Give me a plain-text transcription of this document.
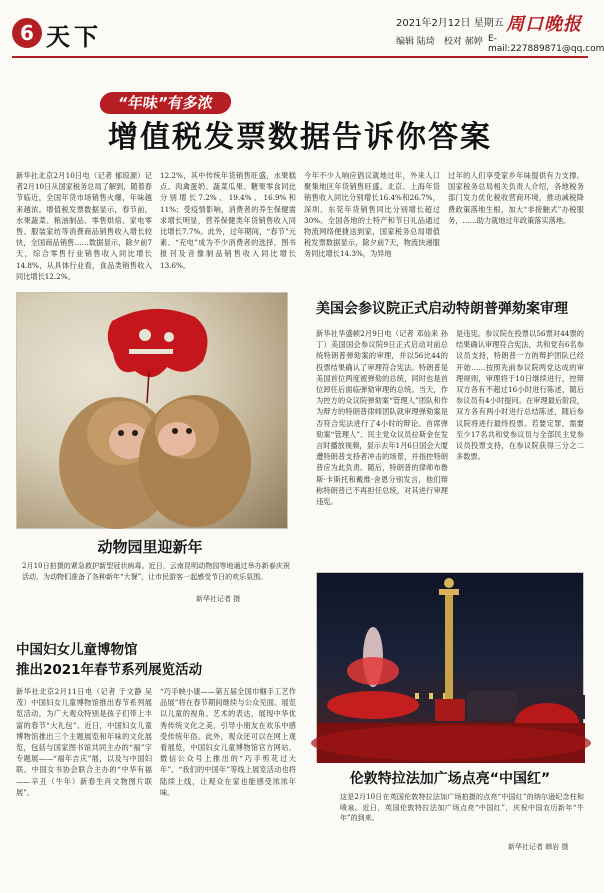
6 天下	2021年2月12日 星期五
编辑 陆琦　校对 郝婷
周口晚报
E-mail:227889871@qq.com
“年味”有多浓
增值税发票数据告诉你答案
新华社北京2月10日电（记者 郁琼源）记者2月10日从国家税务总局了解到，随着春节临近，全国年货市场销售火爆，年味越来越浓。增值税发票数据显示，春节前，水果蔬菜、粮油制品、零售烘焙、家电零售、服装家纺等消费商品销售收入增长较快，全国商品销售……数据显示，除夕前7天，综合零售行业销售收入同比增长14.8%，从具体行业看，食品类销售收入同比增长12.2%。
12.2%，其中传统年货销售旺盛，水果糕点、肉禽蛋奶、蔬菜瓜果、糖果零食同比分别增长7.2%、19.4%、16.9%和11%；受疫情影响，消费者的养生保健需求增长明显，营养保健类年货销售收入同比增长7.7%。此外，过年期间，“春节”元素、“充电”成为不少消费者的选择，图书报刊及音像制品销售收入同比增长13.6%。
今年不少人响应倡议就地过年，外来人口聚集地区年货销售旺盛。北京、上海年货销售收入同比分别增长16.4%和26.7%，深圳、东莞年货销售同比分别增长超过30%。全国各地的土特产和节日礼品通过物流网络便捷送到家，国家税务总局增值税发票数据显示，除夕前7天，物流快递服务同比增长14.3%，为异地
过年的人们享受家乡年味提供有力支撑。国家税务总局相关负责人介绍，各地税务部门发力优化税收营商环境，推动减税降费政策落地生根，加大“非接触式”办税服务，……助力就地过年政策落实落地。
动物园里迎新年
2月10日拍摄的紧急救护新型冠状病毒。近日，云南昆明动物园等地通过举办新春庆祝活动，为动物们准备了各种新年“大餐”，让市民游客一起感受节日的欢乐氛围。
新华社记者 摄
美国会参议院正式启动特朗普弹劾案审理
新华社华盛顿2月9日电（记者 邓仙来 孙丁）美国国会参议院9日正式启动对前总统特朗普弹劾案的审理，并以56比44的投票结果确认了审理符合宪法。特朗普是美国首位两度被弹劾的总统，同时也是首位卸任后面临弹劾审理的总统。当天，作为控方的众议院弹劾案“管理人”团队和作为辩方的特朗普律师团队就审理弹劾案是否符合宪法进行了4小时的辩论。首席弹劾案“管理人”、民主党众议员拉斯金在发言时播放视频，显示去年1月6日国会大厦遭特朗普支持者冲击的场景，并指控特朗普应为此负责。随后，特朗普的律师布鲁斯·卡斯托和戴维·舍恩分别发言，他们辩称特朗普已不再担任总统，对其进行审理违宪。
是违宪。参议院在投票以56票对44票的结果确认审理符合宪法，共和党有6名参议员支持，特朗普一方的辩护团队已经开始……按照先前参议院两党达成的审理规则，审理将于10日继续进行，控辩双方各有不超过16小时进行陈述，随后参议员有4小时提问。在审理最后阶段，双方各有两小时进行总结陈述，随后参议院将进行最终投票。若要定罪，需要至少17名共和党参议员与全部民主党参议员投票支持，在参议院获得三分之二多数票。
中国妇女儿童博物馆
推出2021年春节系列展览活动
新华社北京2月11日电（记者 于文静 吴茂）中国妇女儿童博物馆推出春节系列展览活动，为广大观众特别是孩子们带上丰富的春节“大礼包”。近日，中国妇女儿童博物馆推出三个主题展览和年味的文化展览，包括与国家图书馆共同主办的“福”字专题展——“福年吉庆”展，以及与中国妇联、中国女书协会联合主办的“中华有福——辛丑（牛年）新春生肖文物图片联展”。
“巧手映小康——第五届全国巾帼手工艺作品展”将在春节期间继续与公众见面。展览以儿童的视角、艺术的表达，展现中华优秀传统文化之美，引导小朋友在欢乐中感受传统年俗。此外，观众还可以在网上观看展览，中国妇女儿童博物馆官方网站、微信公众号上推出的“巧手剪花过大年”、“我们的中国年”等线上展览活动也将陆续上线，让观众在家也能感受浓浓年味。
伦敦特拉法加广场点亮“中国红”
这是2月10日在英国伦敦特拉法加广场拍摄的点亮“中国红”的纳尔逊纪念柱和喷泉。近日，英国伦敦特拉法加广场点亮“中国红”，庆祝中国农历新年“牛年”的到来。
新华社记者 韩岩 摄
